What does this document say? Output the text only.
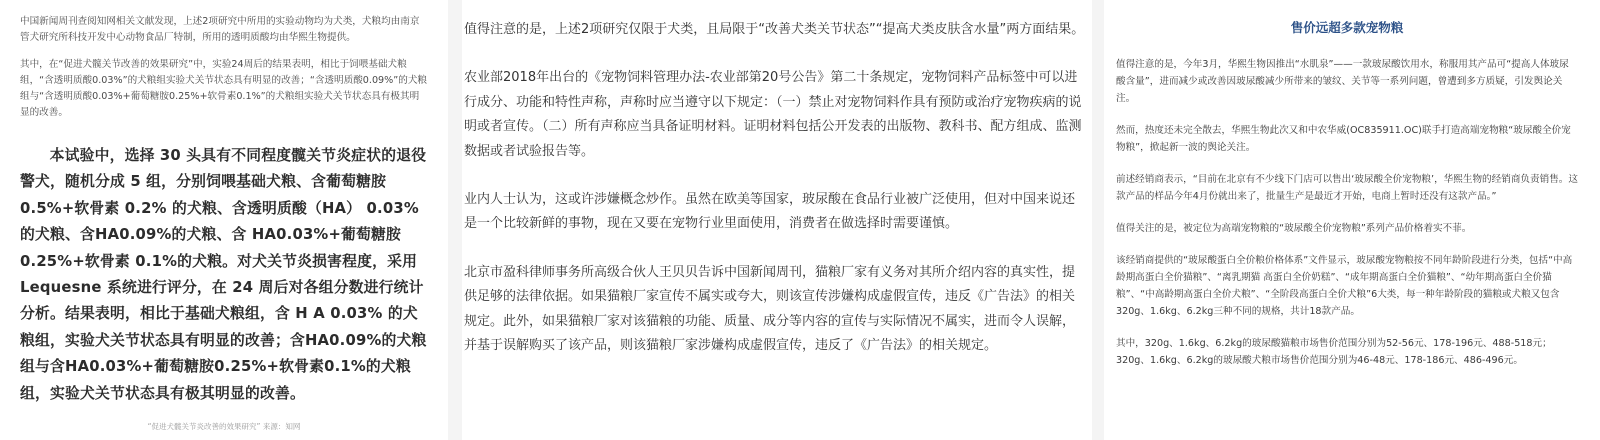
中国新闻周刊查阅知网相关文献发现，上述2项研究中所用的实验动物均为犬类，犬粮均由南京管犬研究所科技开发中心动物食品厂特制，所用的透明质酸均由华熙生物提供。

其中，在“促进犬髋关节改善的效果研究”中，实验24周后的结果表明，相比于饲喂基础犬粮组，“含透明质酸0.03%”的犬粮组实验犬关节状态具有明显的改善；“含透明质酸0.09%”的犬粮组与“含透明质酸0.03%+葡萄糖胺0.25%+软骨素0.1%”的犬粮组实验犬关节状态具有极其明显的改善。

本试验中，选择 30 头具有不同程度髋关节炎症状的退役警犬，随机分成 5 组，分别饲喂基础犬粮、含葡萄糖胺 0.5%+软骨素 0.2% 的犬粮、含透明质酸（HA） 0.03% 的犬粮、含HA0.09%的犬粮、含 HA0.03%+葡萄糖胺 0.25%+软骨素 0.1%的犬粮。对犬关节炎损害程度，采用 Lequesne 系统进行评分，在 24 周后对各组分数进行统计分析。结果表明，相比于基础犬粮组，含 H A 0.03% 的犬粮组，实验犬关节状态具有明显的改善；含HA0.09%的犬粮组与含HA0.03%+葡萄糖胺0.25%+软骨素0.1%的犬粮组，实验犬关节状态具有极其明显的改善。

“促进犬髋关节炎改善的效果研究” 来源：知网

值得注意的是，上述2项研究仅限于犬类，且局限于“改善犬类关节状态”“提高犬类皮肤含水量”两方面结果。

农业部2018年出台的《宠物饲料管理办法-农业部第20号公告》第二十条规定，宠物饲料产品标签中可以进行成分、功能和特性声称，声称时应当遵守以下规定：（一）禁止对宠物饲料作具有预防或治疗宠物疾病的说明或者宣传。（二）所有声称应当具备证明材料。证明材料包括公开发表的出版物、教科书、配方组成、监测数据或者试验报告等。

业内人士认为，这或许涉嫌概念炒作。虽然在欧美等国家，玻尿酸在食品行业被广泛使用，但对中国来说还是一个比较新鲜的事物，现在又要在宠物行业里面使用，消费者在做选择时需要谨慎。

北京市盈科律师事务所高级合伙人王贝贝告诉中国新闻周刊，猫粮厂家有义务对其所介绍内容的真实性，提供足够的法律依据。如果猫粮厂家宣传不属实或夸大，则该宣传涉嫌构成虚假宣传，违反《广告法》的相关规定。此外，如果猫粮厂家对该猫粮的功能、质量、成分等内容的宣传与实际情况不属实，进而令人误解，并基于误解购买了该产品，则该猫粮厂家涉嫌构成虚假宣传，违反了《广告法》的相关规定。

售价远超多款宠物粮

值得注意的是，今年3月，华熙生物因推出“水肌泉”——一款玻尿酸饮用水，称服用其产品可“提高人体玻尿酸含量”，进而减少或改善因玻尿酸减少所带来的皱纹、关节等一系列问题，曾遭到多方质疑，引发舆论关注。

然而，热度还未完全散去，华熙生物此次又和中农华威(OC835911.OC)联手打造高端宠物粮“玻尿酸全价宠物粮”，掀起新一波的舆论关注。

前述经销商表示，“目前在北京有不少线下门店可以售出‘玻尿酸全价宠物粮’，华熙生物的经销商负责销售。这款产品的样品今年4月份就出来了，批量生产是最近才开始，电商上暂时还没有这款产品。”

值得关注的是，被定位为高端宠物粮的“玻尿酸全价宠物粮”系列产品价格着实不菲。

该经销商提供的“玻尿酸蛋白全价粮价格体系”文件显示，玻尿酸宠物粮按不同年龄阶段进行分类，包括“中高龄期高蛋白全价猫粮”、“离乳期猫 高蛋白全价奶糕”、“成年期高蛋白全价猫粮”、“幼年期高蛋白全价猫粮”、“中高龄期高蛋白全价犬粮”、“全阶段高蛋白全价犬粮”6大类，每一种年龄阶段的猫粮或犬粮又包含320g、1.6kg、6.2kg三种不同的规格，共计18款产品。

其中，320g、1.6kg、6.2kg的玻尿酸猫粮市场售价范围分别为52-56元、178-196元、488-518元；320g、1.6kg、6.2kg的玻尿酸犬粮市场售价范围分别为46-48元、178-186元、486-496元。
